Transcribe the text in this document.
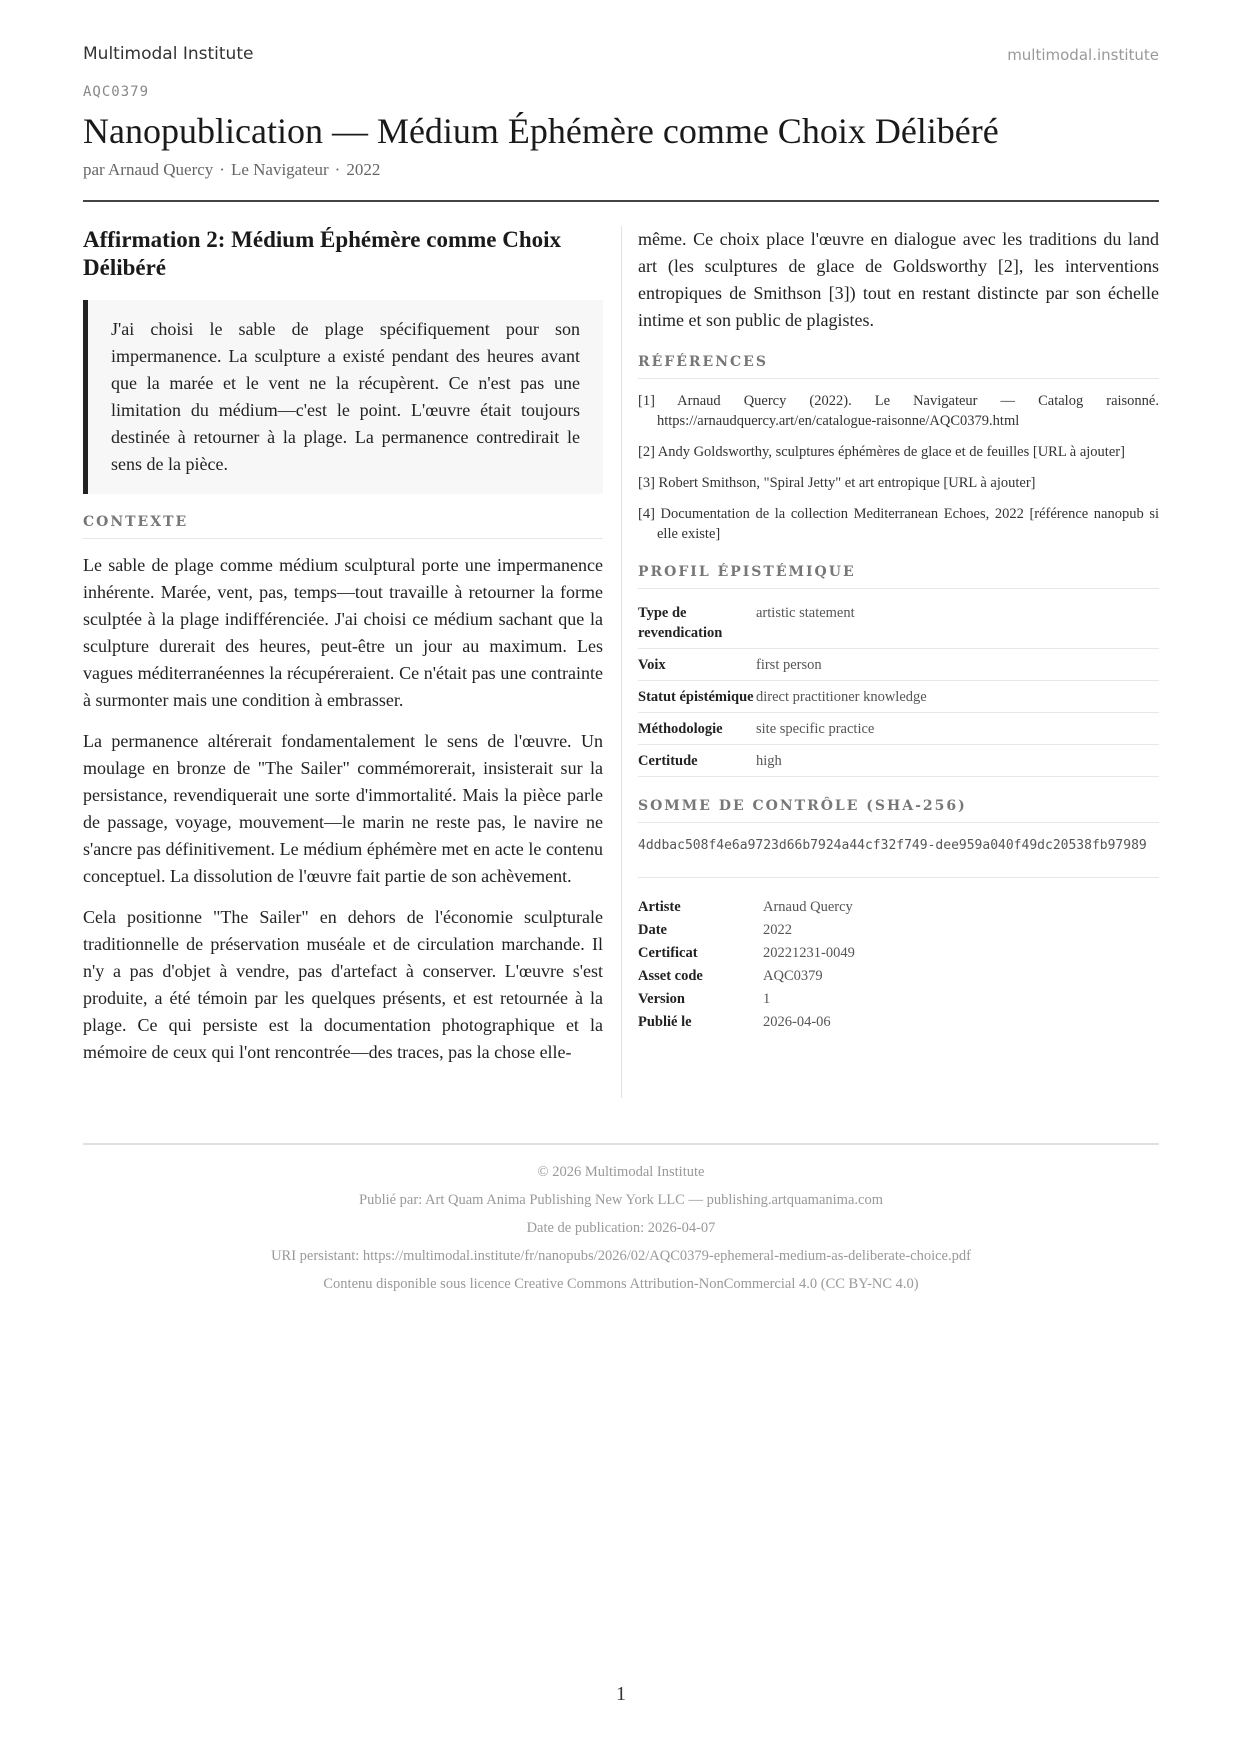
Multimodal Institute	multimodal.institute
AQC0379
Nanopublication — Médium Éphémère comme Choix Délibéré
par Arnaud Quercy · Le Navigateur · 2022
Affirmation 2: Médium Éphémère comme Choix Délibéré
J'ai choisi le sable de plage spécifiquement pour son impermanence. La sculpture a existé pendant des heures avant que la marée et le vent ne la récupèrent. Ce n'est pas une limitation du médium—c'est le point. L'œuvre était toujours destinée à retourner à la plage. La permanence contredirait le sens de la pièce.
CONTEXTE

Le sable de plage comme médium sculptural porte une impermanence inhérente. Marée, vent, pas, temps—tout travaille à retourner la forme sculptée à la plage indifférenciée. J'ai choisi ce médium sachant que la sculpture durerait des heures, peut-être un jour au maximum. Les vagues méditerranéennes la récupéreraient. Ce n'était pas une contrainte à surmonter mais une condition à embrasser.

La permanence altérerait fondamentalement le sens de l'œuvre. Un moulage en bronze de "The Sailer" commémorerait, insisterait sur la persistance, revendiquerait une sorte d'immortalité. Mais la pièce parle de passage, voyage, mouvement—le marin ne reste pas, le navire ne s'ancre pas définitivement. Le médium éphémère met en acte le contenu conceptuel. La dissolution de l'œuvre fait partie de son achèvement.

Cela positionne "The Sailer" en dehors de l'économie sculpturale traditionnelle de préservation muséale et de circulation marchande. Il n'y a pas d'objet à vendre, pas d'artefact à conserver. L'œuvre s'est produite, a été témoin par les quelques présents, et est retournée à la plage. Ce qui persiste est la documentation photographique et la mémoire de ceux qui l'ont rencontrée—des traces, pas la chose elle-

même. Ce choix place l'œuvre en dialogue avec les traditions du land art (les sculptures de glace de Goldsworthy [2], les interventions entropiques de Smithson [3]) tout en restant distincte par son échelle intime et son public de plagistes.

RÉFÉRENCES
[1] Arnaud Quercy (2022). Le Navigateur — Catalog raisonné. https://arnaudquercy.art/en/catalogue-raisonne/AQC0379.html
[2] Andy Goldsworthy, sculptures éphémères de glace et de feuilles [URL à ajouter]
[3] Robert Smithson, "Spiral Jetty" et art entropique [URL à ajouter]
[4] Documentation de la collection Mediterranean Echoes, 2022 [référence nanopub si elle existe]
PROFIL ÉPISTÉMIQUE
Type de revendication	artistic statement
Voix	first person
Statut épistémique	direct practitioner knowledge
Méthodologie	site specific practice
Certitude	high
SOMME DE CONTRÔLE (SHA-256)
4ddbac508f4e6a9723d66b7924a44cf32f749-dee959a040f49dc20538fb97989
Artiste	Arnaud Quercy
Date	2022
Certificat	20221231-0049
Asset code	AQC0379
Version	1
Publié le	2026-04-06
© 2026 Multimodal Institute
Publié par: Art Quam Anima Publishing New York LLC — publishing.artquamanima.com
Date de publication: 2026-04-07
URI persistant: https://multimodal.institute/fr/nanopubs/2026/02/AQC0379-ephemeral-medium-as-deliberate-choice.pdf
Contenu disponible sous licence Creative Commons Attribution-NonCommercial 4.0 (CC BY-NC 4.0)
1
